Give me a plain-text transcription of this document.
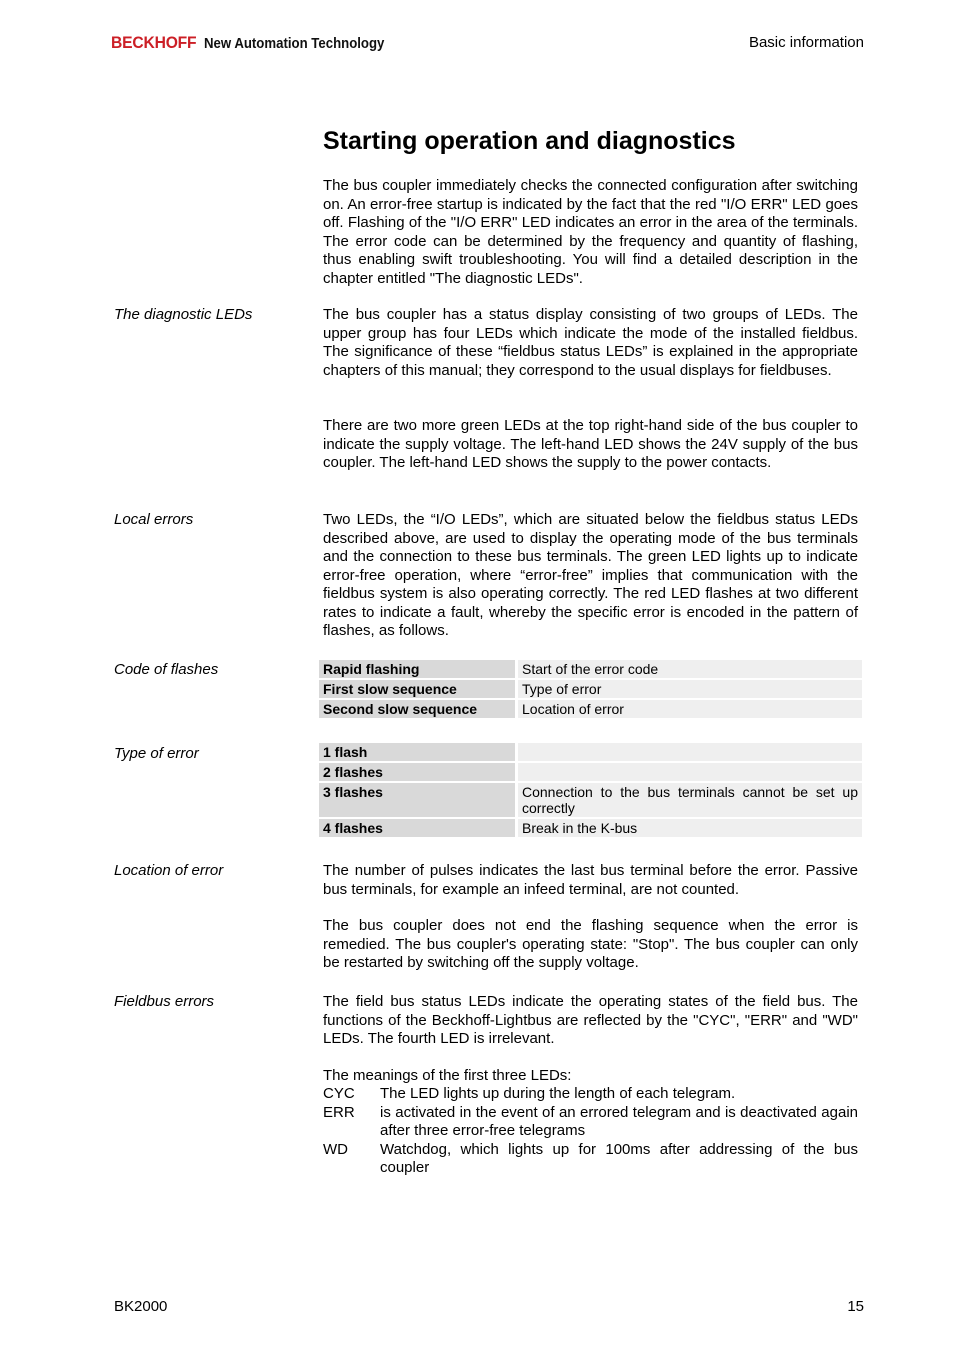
BECKHOFF New Automation Technology	Basic information
Starting operation and diagnostics

The bus coupler immediately checks the connected configuration after switching on. An error-free startup is indicated by the fact that the red "I/O ERR" LED goes off. Flashing of the "I/O ERR" LED indicates an error in the area of the terminals. The error code can be determined by the frequency and quantity of flashing, thus enabling swift troubleshooting. You will find a detailed description in the chapter entitled "The diagnostic LEDs".

The diagnostic LEDs	The bus coupler has a status display consisting of two groups of LEDs. The upper group has four LEDs which indicate the mode of the installed fieldbus. The significance of these “fieldbus status LEDs” is explained in the appropriate chapters of this manual; they correspond to the usual displays for fieldbuses.

There are two more green LEDs at the top right-hand side of the bus coupler to indicate the supply voltage. The left-hand LED shows the 24V supply of the bus coupler. The left-hand LED shows the supply to the power contacts.

Local errors	Two LEDs, the “I/O LEDs”, which are situated below the fieldbus status LEDs described above, are used to display the operating mode of the bus terminals and the connection to these bus terminals. The green LED lights up to indicate error-free operation, where “error-free” implies that communication with the fieldbus system is also operating correctly. The red LED flashes at two different rates to indicate a fault, whereby the specific error is encoded in the pattern of flashes, as follows.

Code of flashes	Rapid flashing		Start of the error code
First slow sequence		Type of error
Second slow sequence		Location of error
Type of error	1 flash		
2 flashes		
3 flashes		Connection to the bus terminals cannot be set up correctly
4 flashes		Break in the K-bus
Location of error	The number of pulses indicates the last bus terminal before the error. Passive bus terminals, for example an infeed terminal, are not counted.

The bus coupler does not end the flashing sequence when the error is remedied. The bus coupler's operating state: "Stop". The bus coupler can only be restarted by switching off the supply voltage.

Fieldbus errors	The field bus status LEDs indicate the operating states of the field bus. The functions of the Beckhoff-Lightbus are reflected by the "CYC", "ERR" and "WD" LEDs. The fourth LED is irrelevant.

The meanings of the first three LEDs:

CYC	The LED lights up during the length of each telegram.
ERR	is activated in the event of an errored telegram and is deactivated again after three error-free telegrams
WD	Watchdog, which lights up for 100ms after addressing of the bus coupler
BK2000	15
